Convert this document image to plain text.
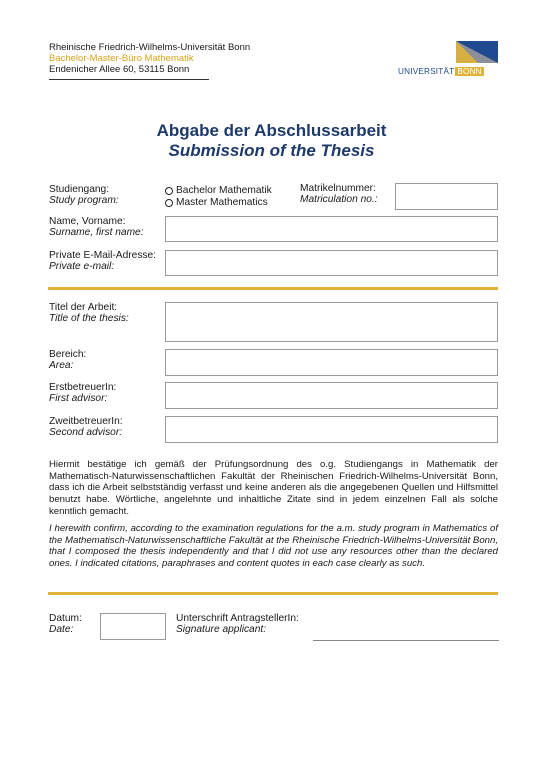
Rheinische Friedrich-Wilhelms-Universität Bonn
Bachelor-Master-Büro Mathematik
Endenicher Allee 60, 53115 Bonn	UNIVERSITÄT BONN
Abgabe der Abschlussarbeit
Submission of the Thesis
Studiengang:
Study program:
Bachelor Mathematik
Master Mathematics
Matrikelnummer:
Matriculation no.:
Name, Vorname:
Surname, first name:
Private E-Mail-Adresse:
Private e-mail:
Titel der Arbeit:
Title of the thesis:
Bereich:
Area:
ErstbetreuerIn:
First advisor:
ZweitbetreuerIn:
Second advisor:
Hiermit bestätige ich gemäß der Prüfungsordnung des o.g. Studiengangs in Mathematik der Mathematisch-Naturwissenschaftlichen Fakultät der Rheinischen Friedrich-Wilhelms-Universität Bonn, dass ich die Arbeit selbstständig verfasst und keine anderen als die angegebenen Quellen und Hilfsmittel benutzt habe. Wörtliche, angelehnte und inhaltliche Zitate sind in jedem einzelnen Fall als solche kenntlich gemacht.
I herewith confirm, according to the examination regulations for the a.m. study program in Mathematics of the Mathematisch-Naturwissenschaftliche Fakultät at the Rheinische Friedrich-Wilhelms-Universität Bonn, that I composed the thesis independently and that I did not use any resources other than the declared ones. I indicated citations, paraphrases and content quotes in each case clearly as such.
Datum:
Date:
Unterschrift AntragstellerIn:
Signature applicant:
